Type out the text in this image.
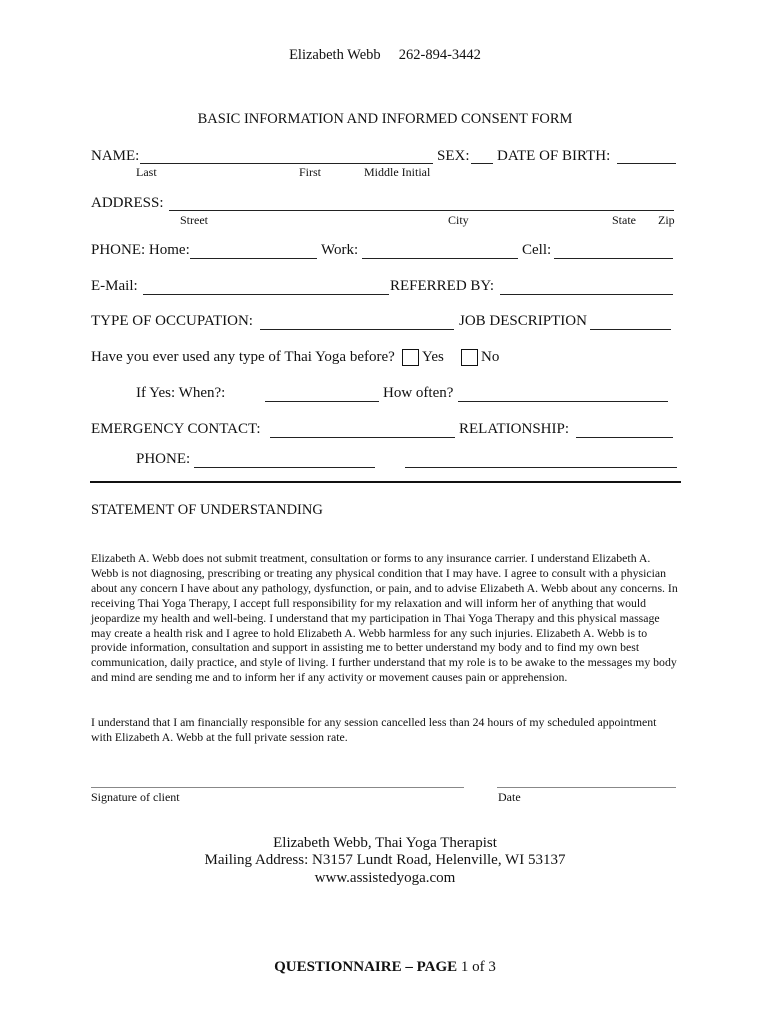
Elizabeth Webb     262-894-3442
BASIC INFORMATION AND INFORMED CONSENT FORM
NAME:	SEX: DATE OF BIRTH:
Last	First	Middle Initial
ADDRESS:
Street	City	State Zip
PHONE: Home:	Work:	Cell:
E-Mail:	REFERRED BY:
TYPE OF OCCUPATION:	JOB DESCRIPTION
Have you ever used any type of Thai Yoga before? Yes No
If Yes: When?:	How often?
EMERGENCY CONTACT:	RELATIONSHIP:
PHONE:
STATEMENT OF UNDERSTANDING
Elizabeth A. Webb does not submit treatment, consultation or forms to any insurance carrier. I understand Elizabeth A. Webb is not diagnosing, prescribing or treating any physical condition that I may have. I agree to consult with a physician about any concern I have about any pathology, dysfunction, or pain, and to advise Elizabeth A. Webb about any concerns. In receiving Thai Yoga Therapy, I accept full responsibility for my relaxation and will inform her of anything that would jeopardize my health and well-being. I understand that my participation in Thai Yoga Therapy and this physical massage may create a health risk and I agree to hold Elizabeth A. Webb harmless for any such injuries. Elizabeth A. Webb is to provide information, consultation and support in assisting me to better understand my body and to find my own best communication, daily practice, and style of living. I further understand that my role is to be awake to the messages my body and mind are sending me and to inform her if any activity or movement causes pain or apprehension.
I understand that I am financially responsible for any session cancelled less than 24 hours of my scheduled appointment with Elizabeth A. Webb at the full private session rate.
Signature of client	Date
Elizabeth Webb, Thai Yoga Therapist
Mailing Address: N3157 Lundt Road, Helenville, WI 53137
www.assistedyoga.com
QUESTIONNAIRE – PAGE 1 of 3
